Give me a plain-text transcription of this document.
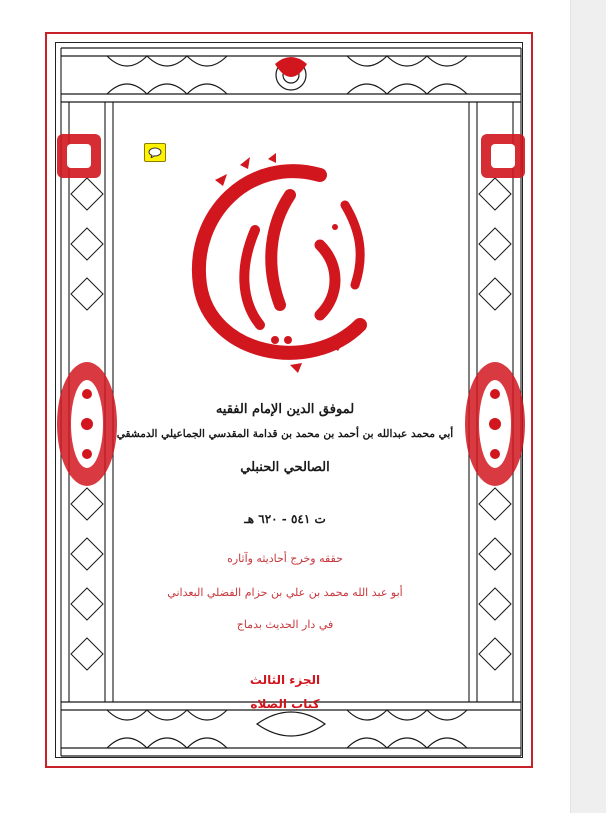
لموفق الدين الإمام الفقيه
أبي محمد عبدالله بن أحمد بن محمد بن قدامة المقدسي الجماعيلي الدمشقي
الصالحي الحنبلي
ت ٥٤١ - ٦٢٠ هـ
حققه وخرج أحاديثه وآثاره
أبو عبد الله محمد بن علي بن حزام الفضلي البعداني
في دار الحديث بدماج
الجزء الثالث
كتاب الصلاة
